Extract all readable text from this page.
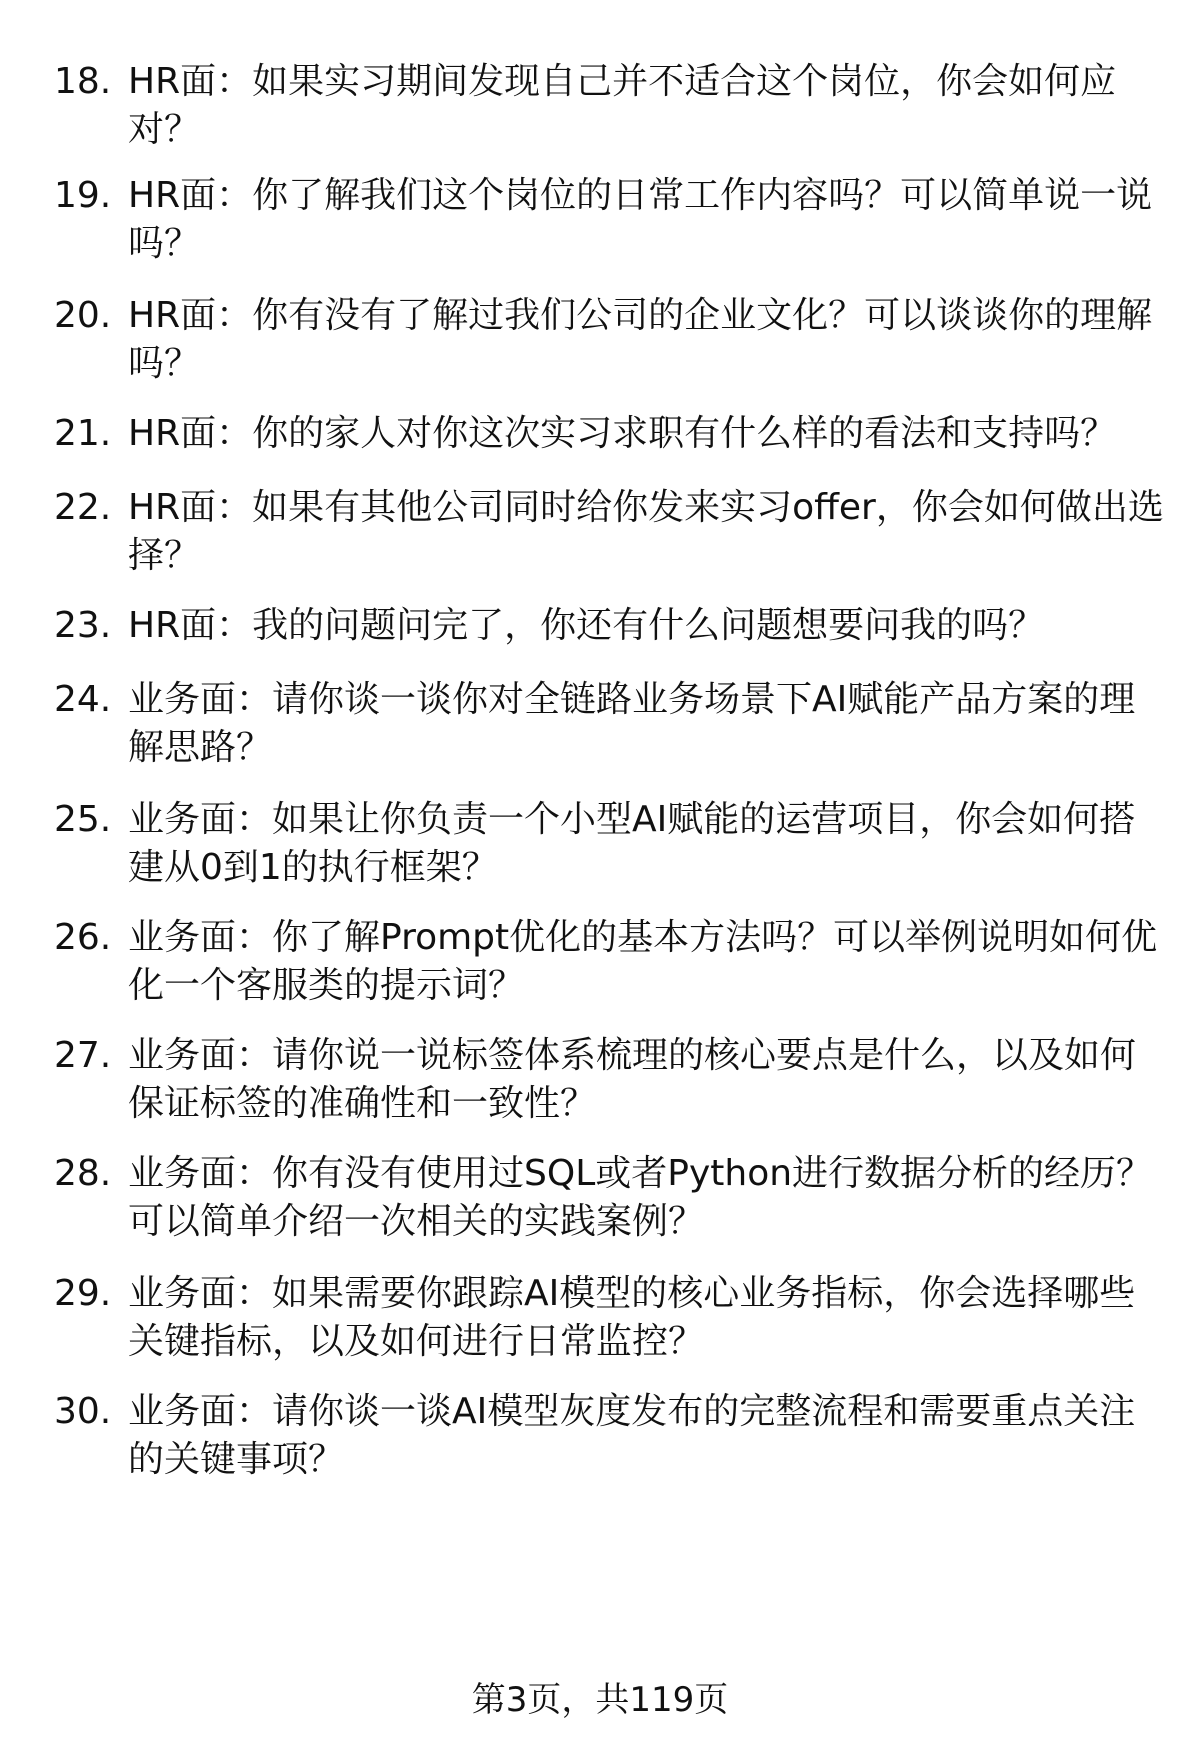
18. HR面：如果实习期间发现自己并不适合这个岗位，你会如何应对？
19. HR面：你了解我们这个岗位的日常工作内容吗？可以简单说一说吗？
20. HR面：你有没有了解过我们公司的企业文化？可以谈谈你的理解吗？
21. HR面：你的家人对你这次实习求职有什么样的看法和支持吗？
22. HR面：如果有其他公司同时给你发来实习offer，你会如何做出选择？
23. HR面：我的问题问完了，你还有什么问题想要问我的吗？
24. 业务面：请你谈一谈你对全链路业务场景下AI赋能产品方案的理解思路？
25. 业务面：如果让你负责一个小型AI赋能的运营项目，你会如何搭建从0到1的执行框架？
26. 业务面：你了解Prompt优化的基本方法吗？可以举例说明如何优化一个客服类的提示词？
27. 业务面：请你说一说标签体系梳理的核心要点是什么，以及如何保证标签的准确性和一致性？
28. 业务面：你有没有使用过SQL或者Python进行数据分析的经历？可以简单介绍一次相关的实践案例？
29. 业务面：如果需要你跟踪AI模型的核心业务指标，你会选择哪些关键指标，以及如何进行日常监控？
30. 业务面：请你谈一谈AI模型灰度发布的完整流程和需要重点关注的关键事项？
第3页，共119页
